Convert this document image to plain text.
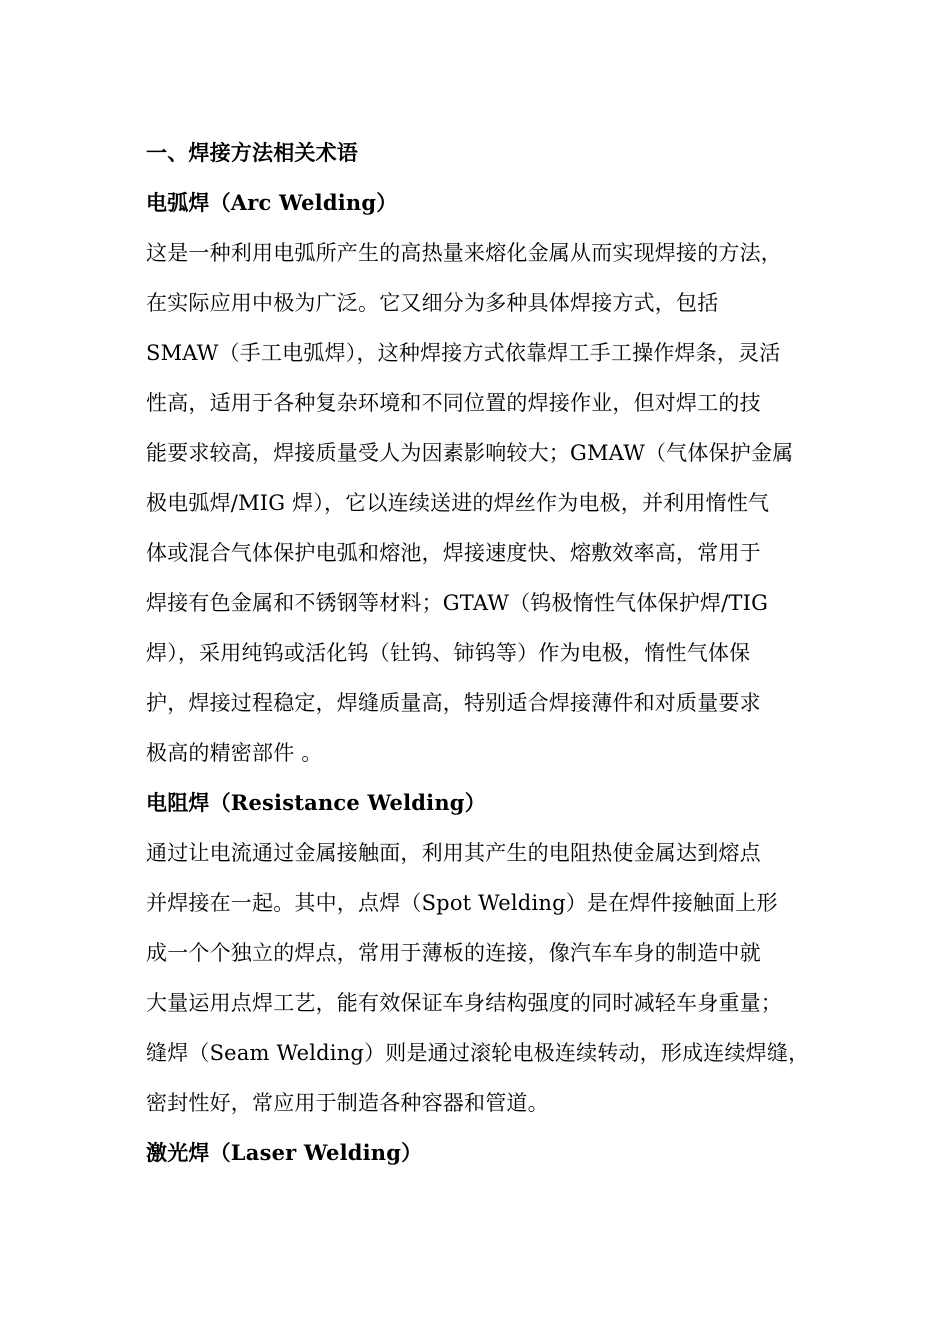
一、焊接方法相关术语
电弧焊（Arc Welding）
这是一种利用电弧所产生的高热量来熔化金属从而实现焊接的方法，
在实际应用中极为广泛。它又细分为多种具体焊接方式，包括
SMAW（手工电弧焊），这种焊接方式依靠焊工手工操作焊条，灵活
性高，适用于各种复杂环境和不同位置的焊接作业，但对焊工的技
能要求较高，焊接质量受人为因素影响较大；GMAW（气体保护金属
极电弧焊/MIG 焊），它以连续送进的焊丝作为电极，并利用惰性气
体或混合气体保护电弧和熔池，焊接速度快、熔敷效率高，常用于
焊接有色金属和不锈钢等材料；GTAW（钨极惰性气体保护焊/TIG
焊），采用纯钨或活化钨（钍钨、铈钨等）作为电极，惰性气体保
护，焊接过程稳定，焊缝质量高，特别适合焊接薄件和对质量要求
极高的精密部件 。
电阻焊（Resistance Welding）
通过让电流通过金属接触面，利用其产生的电阻热使金属达到熔点
并焊接在一起。其中，点焊（Spot Welding）是在焊件接触面上形
成一个个独立的焊点，常用于薄板的连接，像汽车车身的制造中就
大量运用点焊工艺，能有效保证车身结构强度的同时减轻车身重量；
缝焊（Seam Welding）则是通过滚轮电极连续转动，形成连续焊缝，
密封性好，常应用于制造各种容器和管道。
激光焊（Laser Welding）
